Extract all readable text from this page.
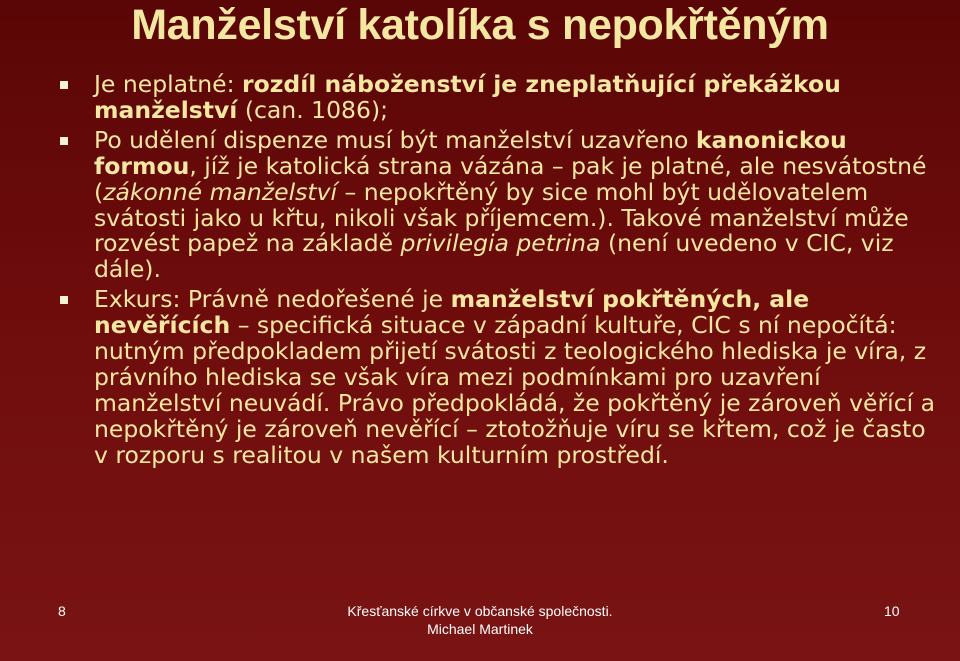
Manželství katolíka s nepokřtěným
Je neplatné: rozdíl náboženství je zneplatňující překážkou manželství (can. 1086);
Po udělení dispenze musí být manželství uzavřeno kanonickou formou, jíž je katolická strana vázána – pak je platné, ale nesvátostné (zákonné manželství – nepokřtěný by sice mohl být udělovatelem svátosti jako u křtu, nikoli však příjemcem.). Takové manželství může rozvést papež na základě privilegia petrina (není uvedeno v CIC, viz dále).
Exkurs: Právně nedořešené je manželství pokřtěných, ale nevěřících – specifická situace v západní kultuře, CIC s ní nepočítá: nutným předpokladem přijetí svátosti z teologického hlediska je víra, z právního hlediska se však víra mezi podmínkami pro uzavření manželství neuvádí. Právo předpokládá, že pokřtěný je zároveň věřící a nepokřtěný je zároveň nevěřící – ztotožňuje víru se křtem, což je často v rozporu s realitou v našem kulturním prostředí.
8	Křesťanské církve v občanské společnosti.
Michael Martinek
10
